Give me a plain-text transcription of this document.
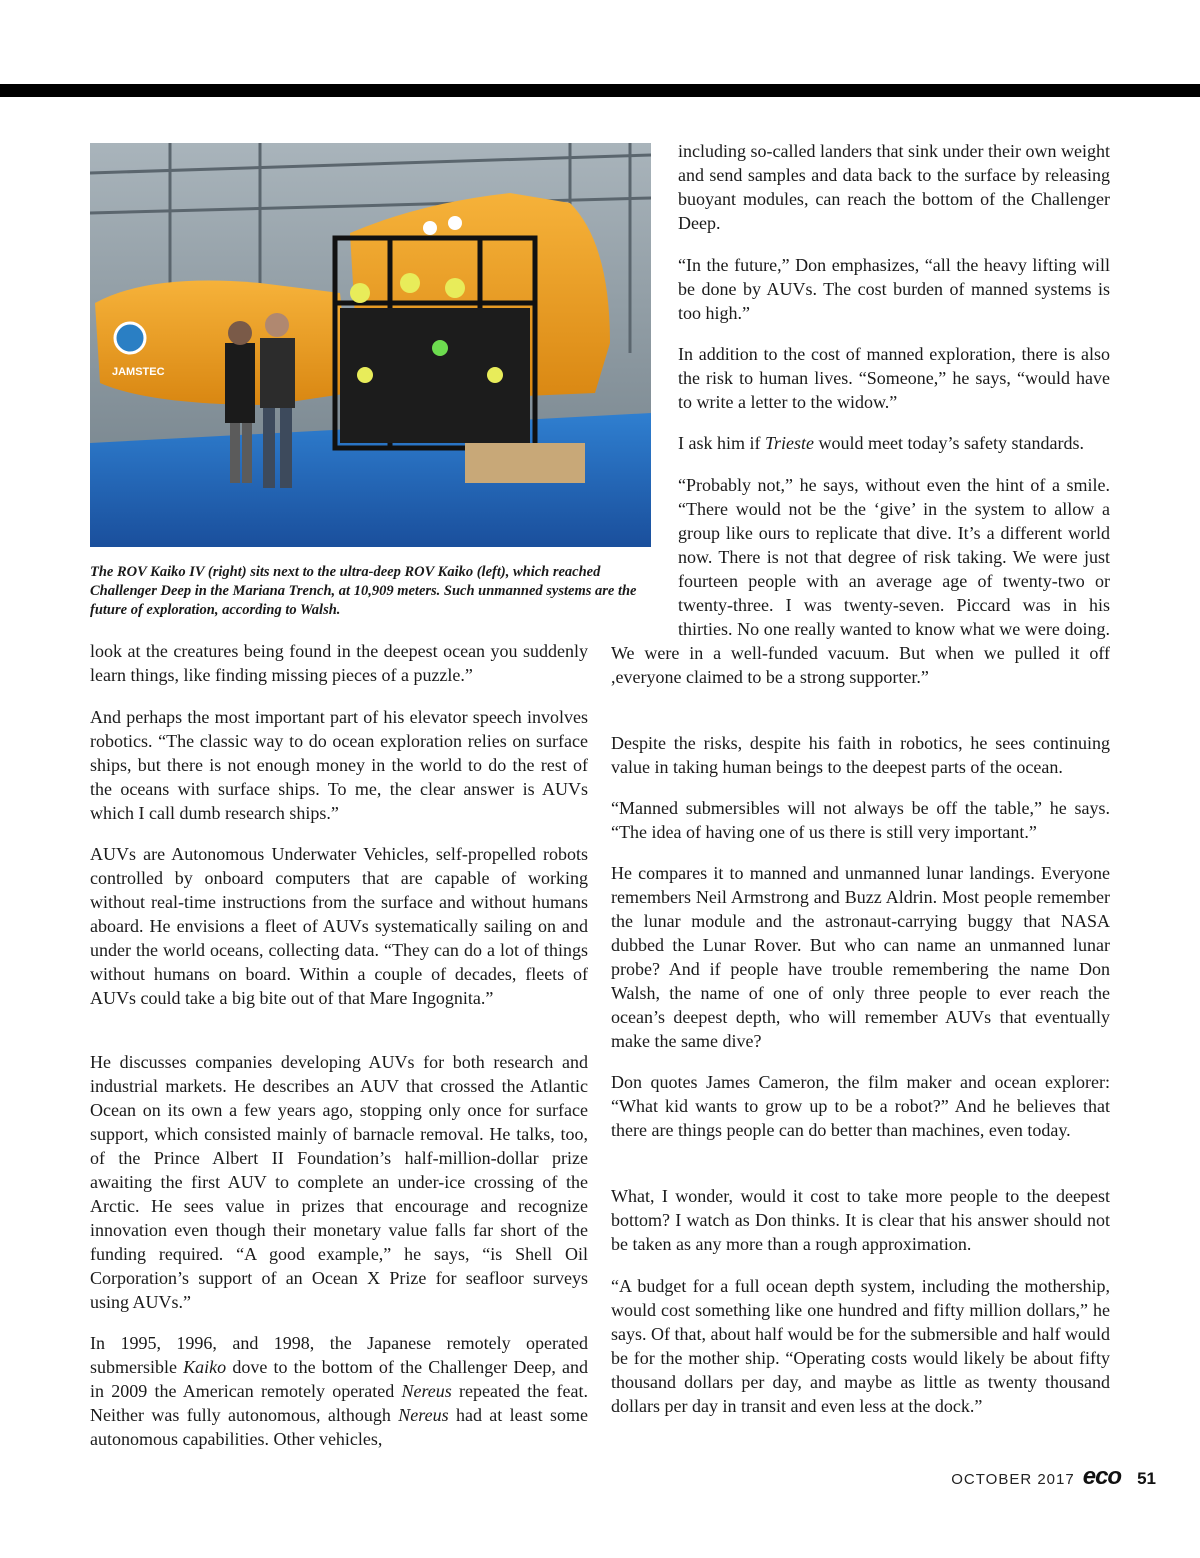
JAMSTEC
The ROV Kaiko IV (right) sits next to the ultra-deep ROV Kaiko (left), which reached Challenger Deep in the Mariana Trench, at 10,909 meters. Such unmanned systems are the future of exploration, according to Walsh.

look at the creatures being found in the deepest ocean you suddenly learn things, like finding missing pieces of a puzzle.”

And perhaps the most important part of his elevator speech involves robotics. “The classic way to do ocean exploration relies on surface ships, but there is not enough money in the world to do the rest of the oceans with surface ships. To me, the clear answer is AUVs which I call dumb research ships.”

AUVs are Autonomous Underwater Vehicles, self-propelled robots controlled by onboard computers that are capable of working without real-time instructions from the surface and without humans aboard. He envisions a fleet of AUVs systematically sailing on and under the world oceans, collecting data. “They can do a lot of things without humans on board. Within a couple of decades, fleets of AUVs could take a big bite out of that Mare Ingognita.”

He discusses companies developing AUVs for both research and industrial markets. He describes an AUV that crossed the Atlantic Ocean on its own a few years ago, stopping only once for surface support, which consisted mainly of barnacle removal. He talks, too, of the Prince Albert II Foundation’s half-million-dollar prize awaiting the first AUV to complete an under-ice crossing of the Arctic. He sees value in prizes that encourage and recognize innovation even though their monetary value falls far short of the funding required. “A good example,” he says, “is Shell Oil Corporation’s support of an Ocean X Prize for seafloor surveys using AUVs.”

In 1995, 1996, and 1998, the Japanese remotely operated submersible Kaiko dove to the bottom of the Challenger Deep, and in 2009 the American remotely operated Nereus repeated the feat. Neither was fully autonomous, although Nereus had at least some autonomous capabilities. Other vehicles,

including so-called landers that sink under their own weight and send samples and data back to the surface by releasing buoyant modules, can reach the bottom of the Challenger Deep.

“In the future,” Don emphasizes, “all the heavy lifting will be done by AUVs. The cost burden of manned systems is too high.”

In addition to the cost of manned exploration, there is also the risk to human lives. “Someone,” he says, “would have to write a letter to the widow.”

I ask him if Trieste would meet today’s safety standards.

“Probably not,” he says, without even the hint of a smile. “There would not be the ‘give’ in the system to allow a group like ours to replicate that dive. It’s a different world now. There is not that degree of risk taking. We were just fourteen people with an average age of twenty-two or twenty-three. I was twenty-seven. Piccard was in his thirties. No one really wanted to know what we were doing. We were in a well-funded vacuum. But when we pulled it off ,everyone claimed to be a strong supporter.”

Despite the risks, despite his faith in robotics, he sees continuing value in taking human beings to the deepest parts of the ocean.

“Manned submersibles will not always be off the table,” he says. “The idea of having one of us there is still very important.”

He compares it to manned and unmanned lunar landings. Everyone remembers Neil Armstrong and Buzz Aldrin. Most people remember the lunar module and the astronaut-carrying buggy that NASA dubbed the Lunar Rover. But who can name an unmanned lunar probe? And if people have trouble remembering the name Don Walsh, the name of one of only three people to ever reach the ocean’s deepest depth, who will remember AUVs that eventually make the same dive?

Don quotes James Cameron, the film maker and ocean explorer: “What kid wants to grow up to be a robot?” And he believes that there are things people can do better than machines, even today.

What, I wonder, would it cost to take more people to the deepest bottom? I watch as Don thinks. It is clear that his answer should not be taken as any more than a rough approximation.

“A budget for a full ocean depth system, including the mothership, would cost something like one hundred and fifty million dollars,” he says. Of that, about half would be for the submersible and half would be for the mother ship. “Operating costs would likely be about fifty thousand dollars per day, and maybe as little as twenty thousand dollars per day in transit and even less at the dock.”

OCTOBER 2017 eco 51
